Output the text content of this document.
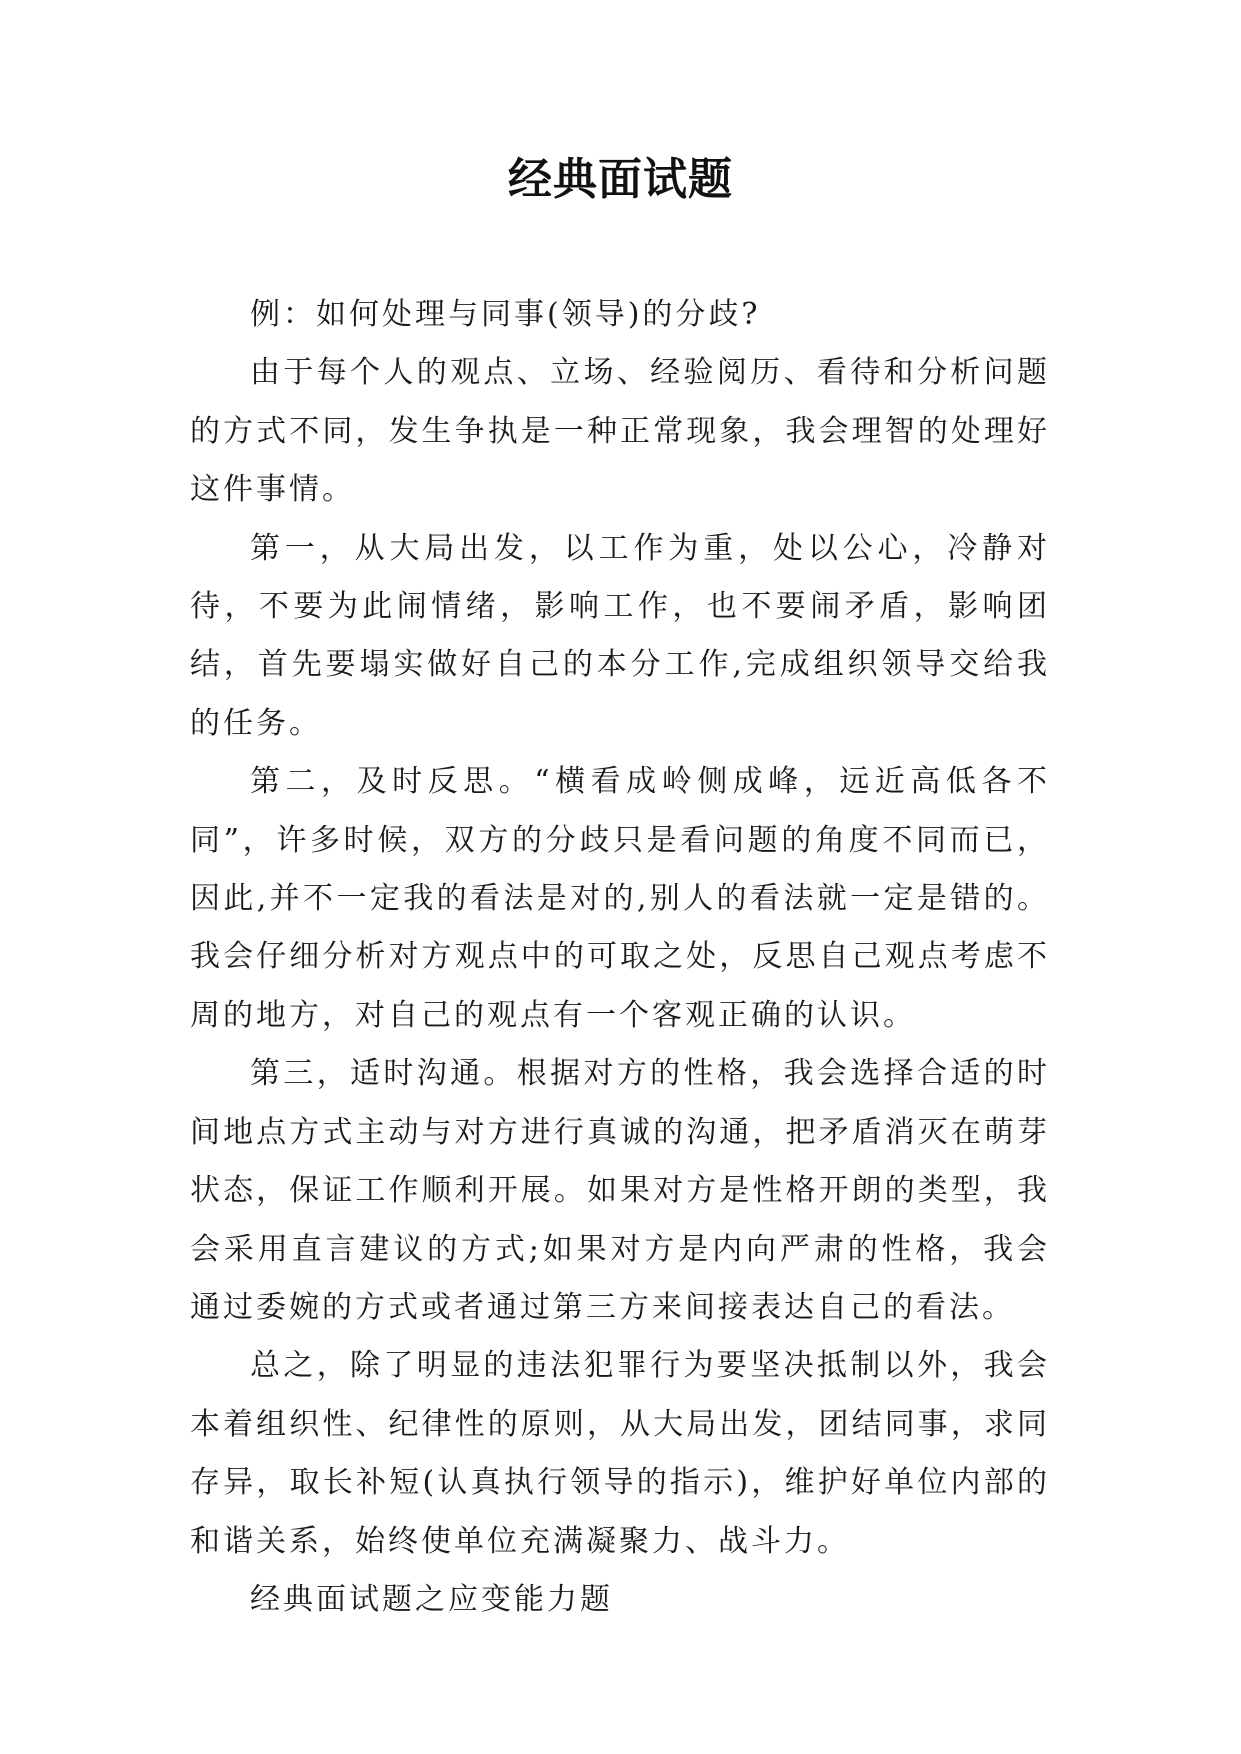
经典面试题

例：如何处理与同事(领导)的分歧?

由于每个人的观点、立场、经验阅历、看待和分析问题的方式不同，发生争执是一种正常现象，我会理智的处理好这件事情。

第一，从大局出发，以工作为重，处以公心，冷静对待，不要为此闹情绪，影响工作，也不要闹矛盾，影响团结，首先要塌实做好自己的本分工作,完成组织领导交给我的任务。

第二，及时反思。“横看成岭侧成峰，远近高低各不同”，许多时候，双方的分歧只是看问题的角度不同而已，因此,并不一定我的看法是对的,别人的看法就一定是错的。我会仔细分析对方观点中的可取之处，反思自己观点考虑不周的地方，对自己的观点有一个客观正确的认识。

第三，适时沟通。根据对方的性格，我会选择合适的时间地点方式主动与对方进行真诚的沟通，把矛盾消灭在萌芽状态，保证工作顺利开展。如果对方是性格开朗的类型，我会采用直言建议的方式;如果对方是内向严肃的性格，我会通过委婉的方式或者通过第三方来间接表达自己的看法。

总之，除了明显的违法犯罪行为要坚决抵制以外，我会本着组织性、纪律性的原则，从大局出发，团结同事，求同存异，取长补短(认真执行领导的指示)，维护好单位内部的和谐关系，始终使单位充满凝聚力、战斗力。

经典面试题之应变能力题
